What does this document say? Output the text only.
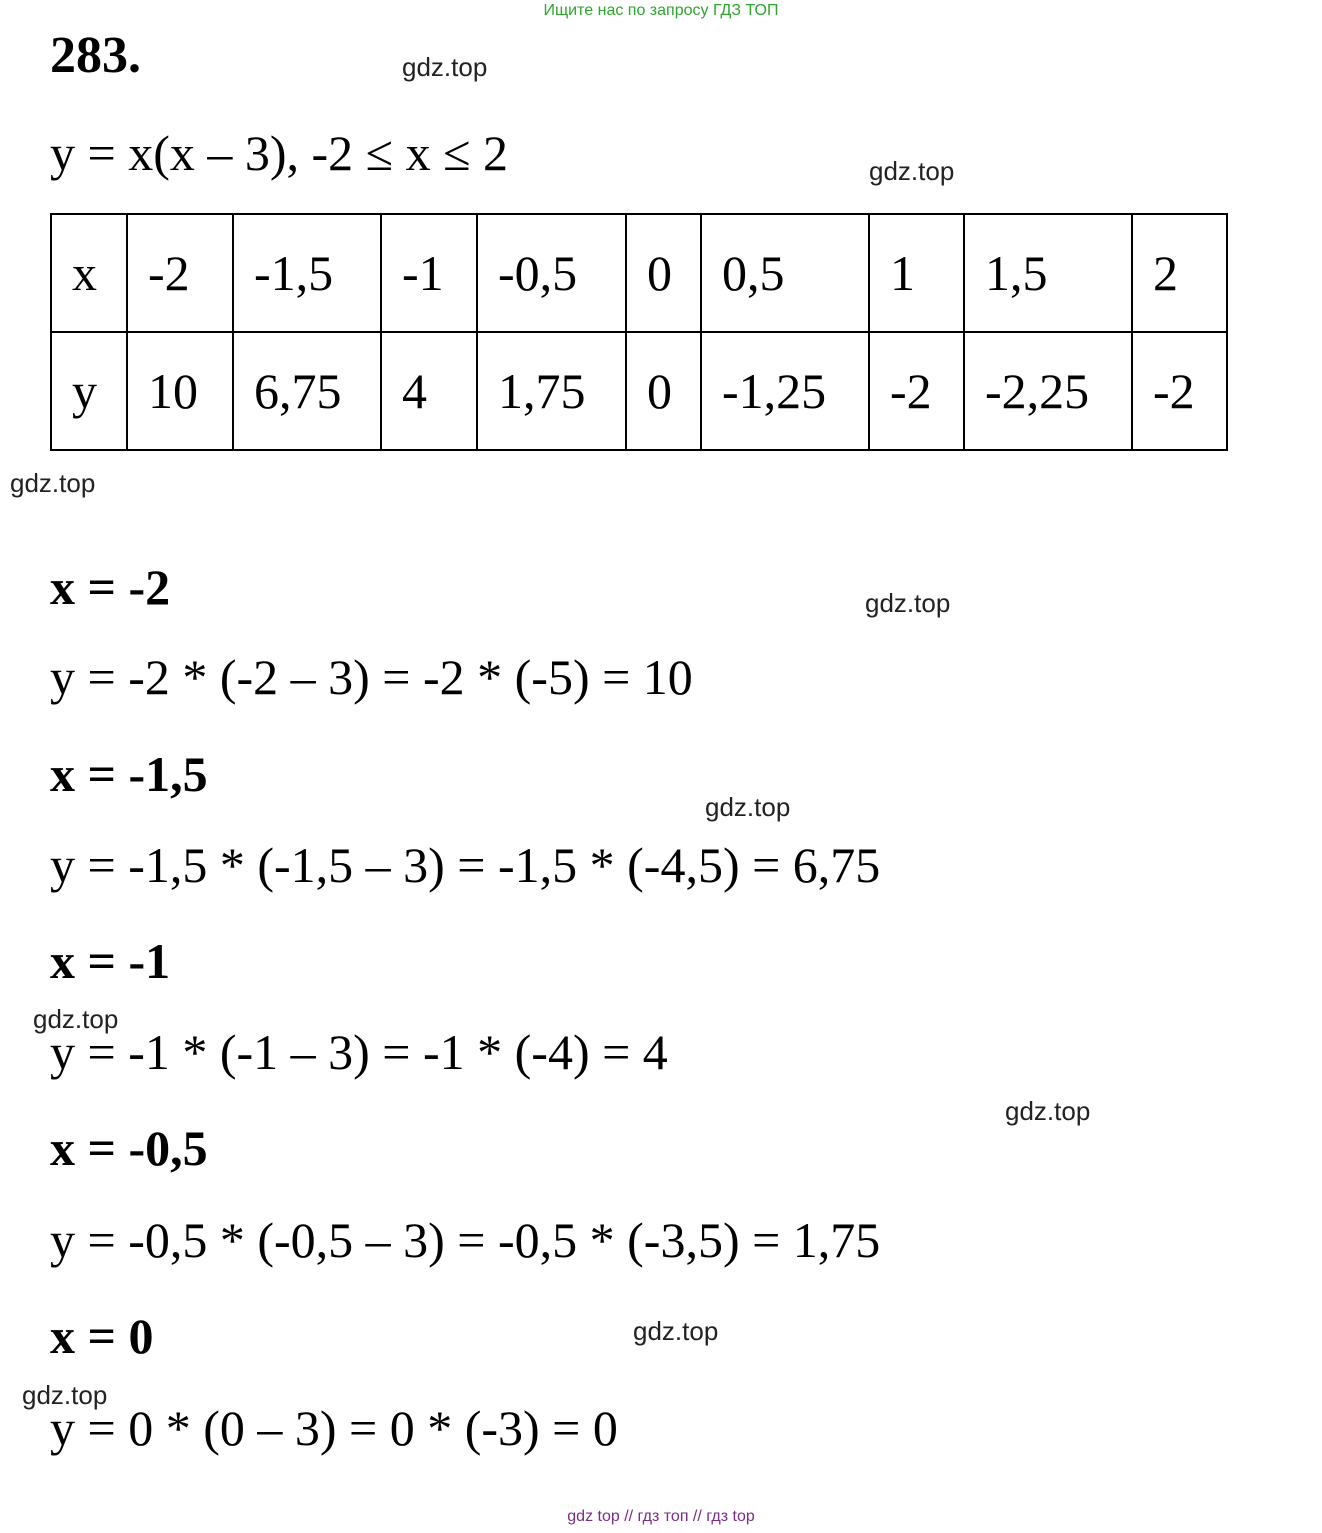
Ищите нас по запросу ГДЗ ТОП
283.	gdz.top
y = x(x – 3), -2 ≤ x ≤ 2	gdz.top
x	-2	-1,5	-1	-0,5	0	0,5	1	1,5	2
y	10	6,75	4	1,75	0	-1,25	-2	-2,25	-2
gdz.top
x = -2	gdz.top
y = -2 * (-2 – 3) = -2 * (-5) = 10
x = -1,5
gdz.top
y = -1,5 * (-1,5 – 3) = -1,5 * (-4,5) = 6,75
x = -1
gdz.top
y = -1 * (-1 – 3) = -1 * (-4) = 4
gdz.top
x = -0,5
y = -0,5 * (-0,5 – 3) = -0,5 * (-3,5) = 1,75
x = 0	gdz.top
gdz.top
y = 0 * (0 – 3) = 0 * (-3) = 0
gdz top // гдз топ // гдз top
